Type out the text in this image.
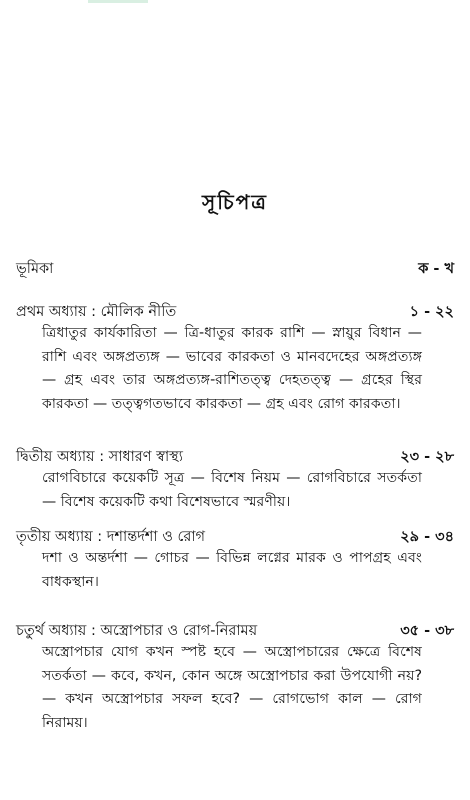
সূচিপত্র
ভূমিকা	ক - খ
প্রথম অধ্যায় : মৌলিক নীতি	১ - ২২
ত্রিধাতুর কার্যকারিতা — ত্রি-ধাতুর কারক রাশি — স্নায়ুর বিধান — রাশি এবং অঙ্গপ্রত্যঙ্গ — ভাবের কারকতা ও মানবদেহের অঙ্গপ্রত্যঙ্গ — গ্রহ এবং তার অঙ্গপ্রত্যঙ্গ-রাশিতত্ত্ব দেহতত্ত্ব — গ্রহের স্থির কারকতা — তত্ত্বগতভাবে কারকতা — গ্রহ এবং রোগ কারকতা।
দ্বিতীয় অধ্যায় : সাধারণ স্বাস্থ্য	২৩ - ২৮
রোগবিচারে কয়েকটি সূত্র — বিশেষ নিয়ম — রোগবিচারে সতর্কতা — বিশেষ কয়েকটি কথা বিশেষভাবে স্মরণীয়।
তৃতীয় অধ্যায় : দশান্তর্দশা ও রোগ	২৯ - ৩৪
দশা ও অন্তর্দশা — গোচর — বিভিন্ন লগ্নের মারক ও পাপগ্রহ এবং বাধকস্থান।
চতুর্থ অধ্যায় : অস্ত্রোপচার ও রোগ-নিরাময়	৩৫ - ৩৮
অস্ত্রোপচার যোগ কখন স্পষ্ট হবে — অস্ত্রোপচারের ক্ষেত্রে বিশেষ সতর্কতা — কবে, কখন, কোন অঙ্গে অস্ত্রোপচার করা উপযোগী নয়? — কখন অস্ত্রোপচার সফল হবে? — রোগভোগ কাল — রোগ নিরাময়।
